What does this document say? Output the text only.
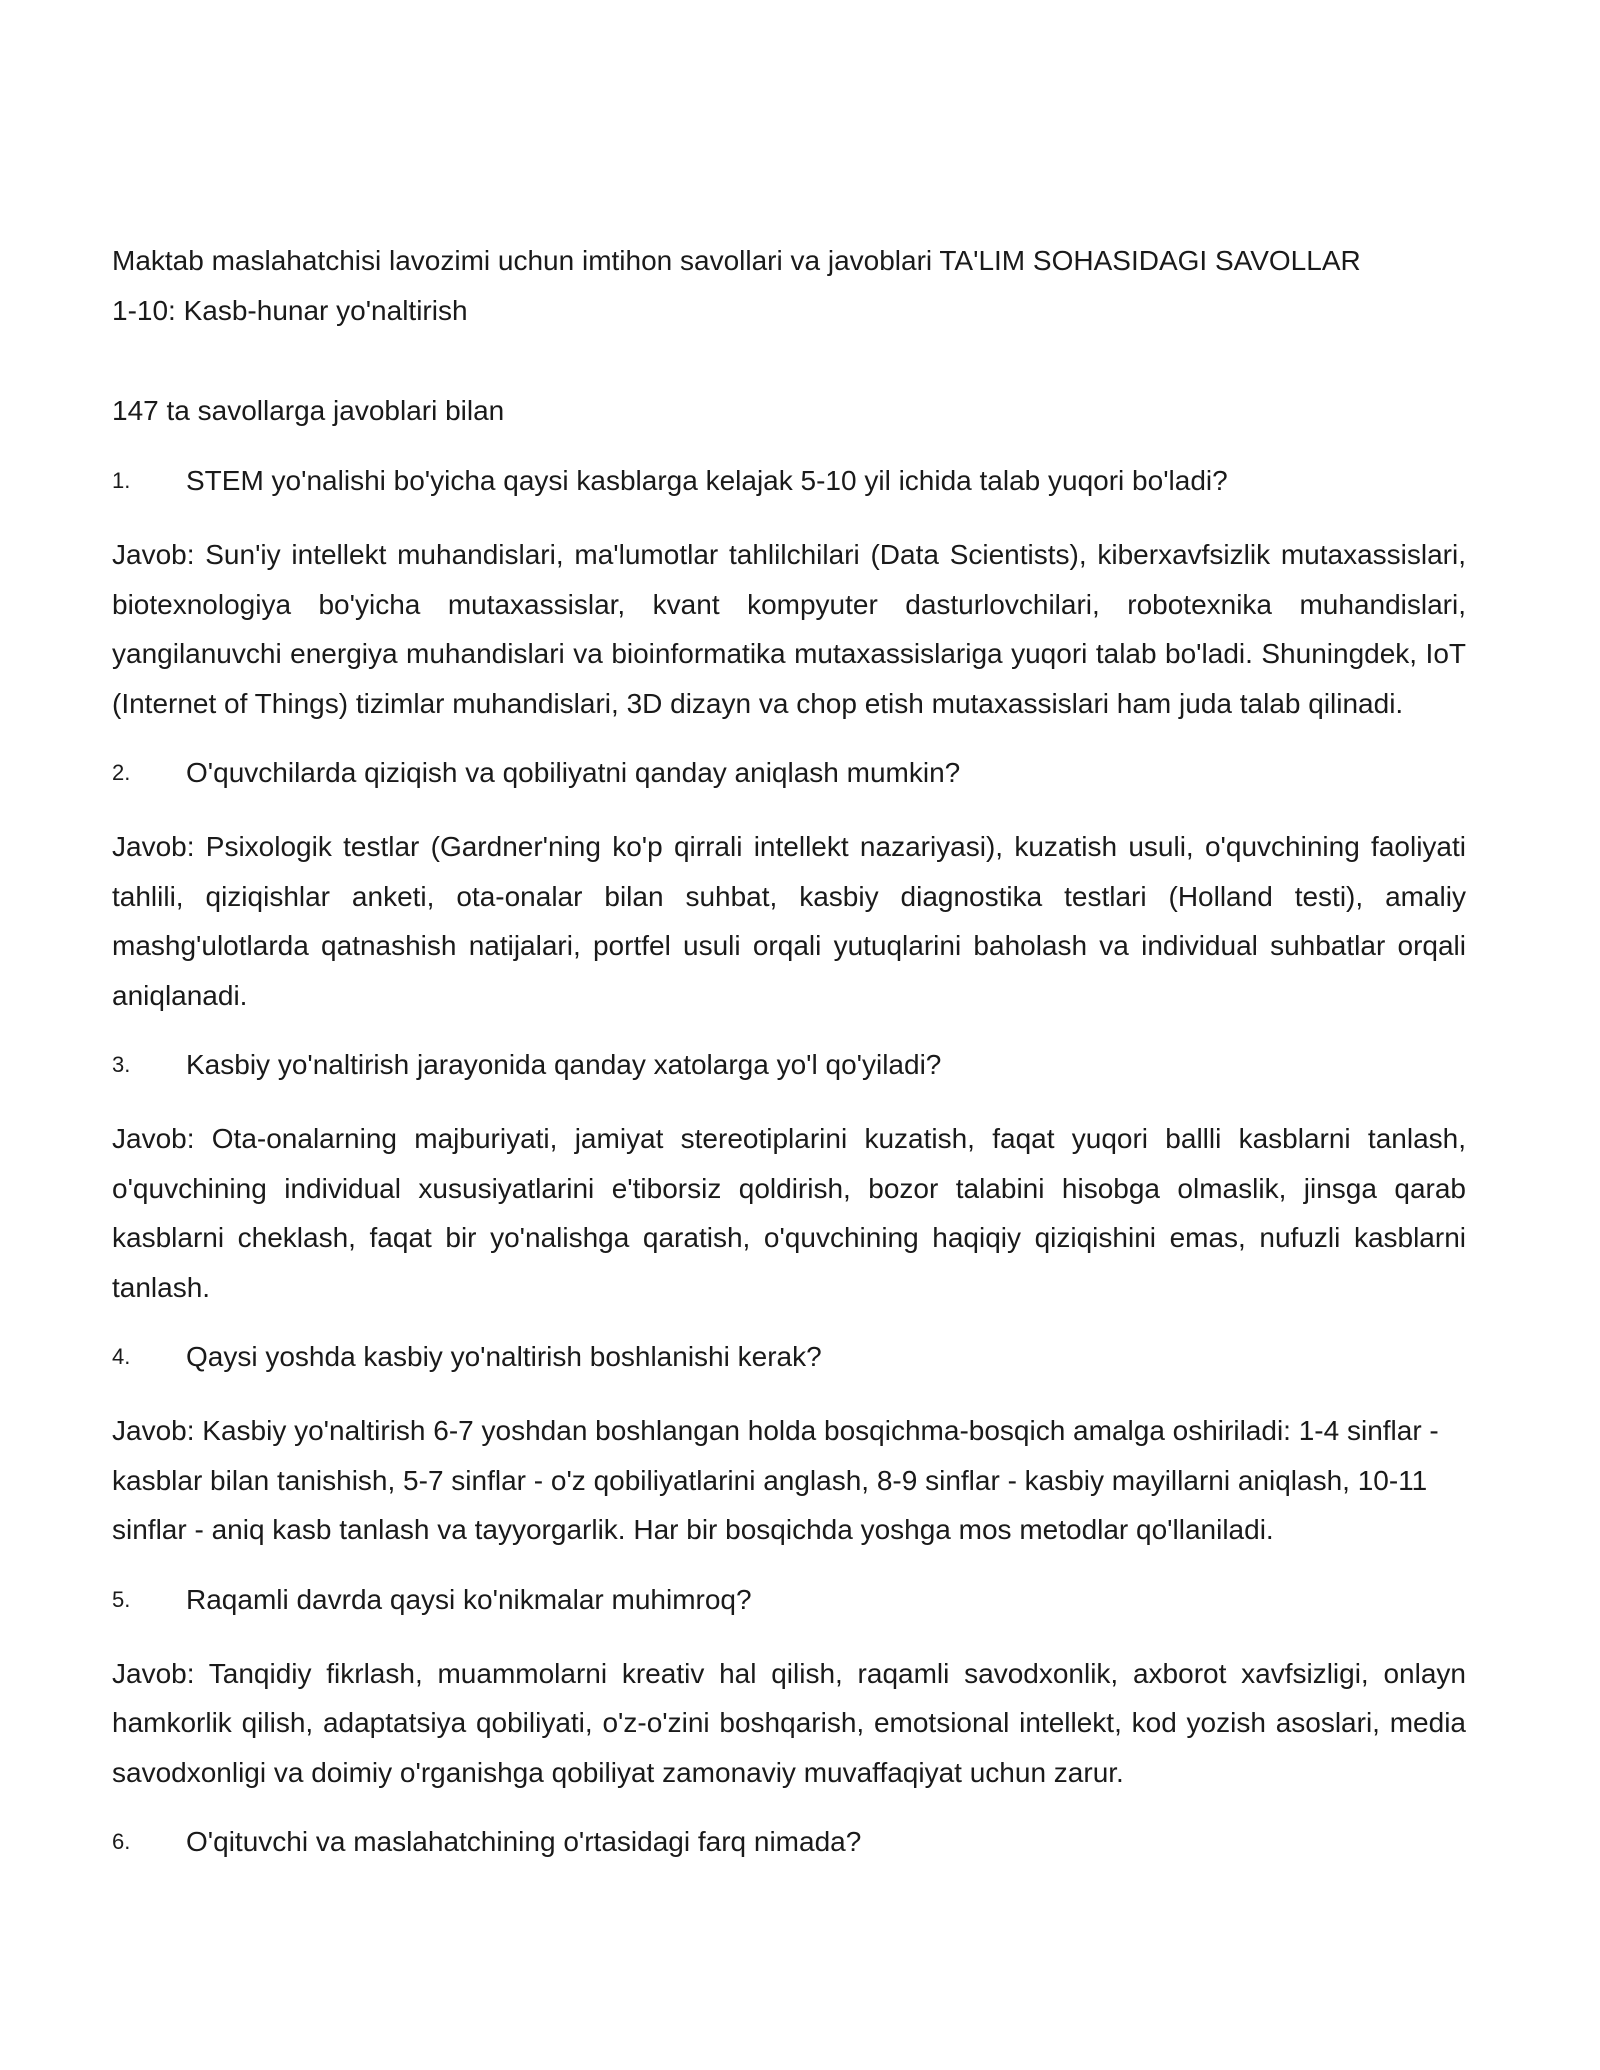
Maktab maslahatchisi lavozimi uchun imtihon savollari va javoblari TA'LIM SOHASIDAGI SAVOLLAR

1-10: Kasb-hunar yo'naltirish

147 ta savollarga javoblari bilan

1. STEM yo'nalishi bo'yicha qaysi kasblarga kelajak 5-10 yil ichida talab yuqori bo'ladi?

Javob: Sun'iy intellekt muhandislari, ma'lumotlar tahlilchilari (Data Scientists), kiberxavfsizlik mutaxassislari, biotexnologiya bo'yicha mutaxassislar, kvant kompyuter dasturlovchilari, robotexnika muhandislari, yangilanuvchi energiya muhandislari va bioinformatika mutaxassislariga yuqori talab bo'ladi. Shuningdek, IoT (Internet of Things) tizimlar muhandislari, 3D dizayn va chop etish mutaxassislari ham juda talab qilinadi.

2. O'quvchilarda qiziqish va qobiliyatni qanday aniqlash mumkin?

Javob: Psixologik testlar (Gardner'ning ko'p qirrali intellekt nazariyasi), kuzatish usuli, o'quvchining faoliyati tahlili, qiziqishlar anketi, ota-onalar bilan suhbat, kasbiy diagnostika testlari (Holland testi), amaliy mashg'ulotlarda qatnashish natijalari, portfel usuli orqali yutuqlarini baholash va individual suhbatlar orqali aniqlanadi.

3. Kasbiy yo'naltirish jarayonida qanday xatolarga yo'l qo'yiladi?

Javob: Ota-onalarning majburiyati, jamiyat stereotiplarini kuzatish, faqat yuqori ballli kasblarni tanlash, o'quvchining individual xususiyatlarini e'tiborsiz qoldirish, bozor talabini hisobga olmaslik, jinsga qarab kasblarni cheklash, faqat bir yo'nalishga qaratish, o'quvchining haqiqiy qiziqishini emas, nufuzli kasblarni tanlash.

4. Qaysi yoshda kasbiy yo'naltirish boshlanishi kerak?

Javob: Kasbiy yo'naltirish 6-7 yoshdan boshlangan holda bosqichma-bosqich amalga oshiriladi: 1-4 sinflar - kasblar bilan tanishish, 5-7 sinflar - o'z qobiliyatlarini anglash, 8-9 sinflar - kasbiy mayillarni aniqlash, 10-11 sinflar - aniq kasb tanlash va tayyorgarlik. Har bir bosqichda yoshga mos metodlar qo'llaniladi.

5. Raqamli davrda qaysi ko'nikmalar muhimroq?

Javob: Tanqidiy fikrlash, muammolarni kreativ hal qilish, raqamli savodxonlik, axborot xavfsizligi, onlayn hamkorlik qilish, adaptatsiya qobiliyati, o'z-o'zini boshqarish, emotsional intellekt, kod yozish asoslari, media savodxonligi va doimiy o'rganishga qobiliyat zamonaviy muvaffaqiyat uchun zarur.

6. O'qituvchi va maslahatchining o'rtasidagi farq nimada?
